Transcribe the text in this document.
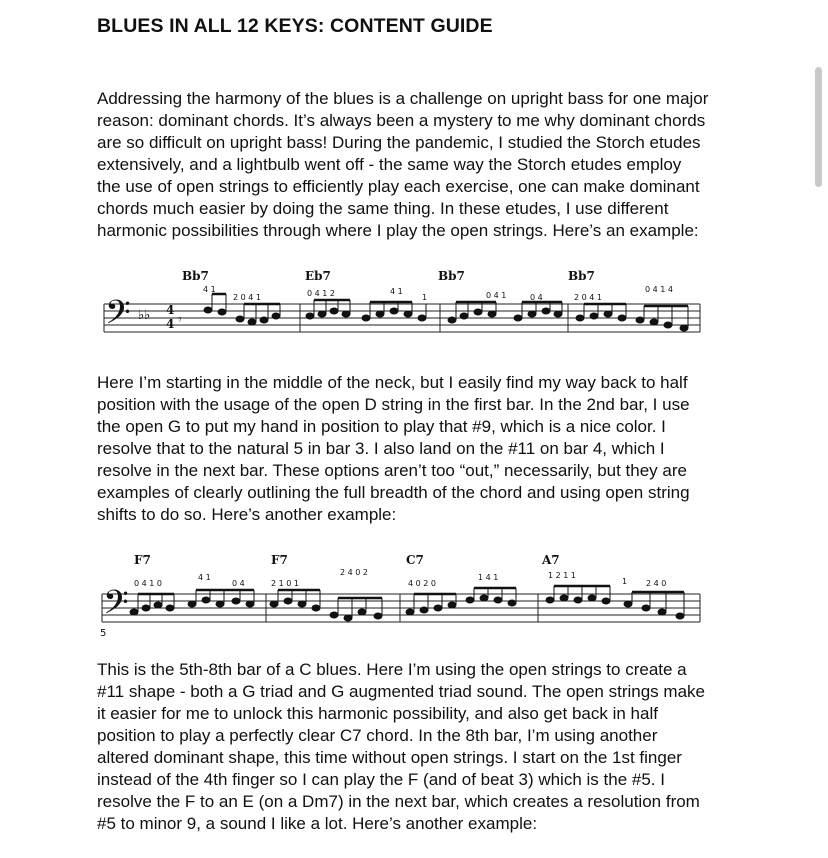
BLUES IN ALL 12 KEYS: CONTENT GUIDE

Addressing the harmony of the blues is a challenge on upright bass for one major
reason: dominant chords. It’s always been a mystery to me why dominant chords
are so difficult on upright bass! During the pandemic, I studied the Storch etudes
extensively, and a lightbulb went off - the same way the Storch etudes employ
the use of open strings to efficiently play each exercise, one can make dominant
chords much easier by doing the same thing. In these etudes, I use different
harmonic possibilities through where I play the open strings. Here’s an example:

𝄢 ♭♭ 4
4 𝄾
Bb7	Eb7	Bb7	Bb7
4 1
2 0 4 1	0 4 1 2	4 1
1	0 4 1	0 4	2 0 4 1
0 4 1 4

Here I’m starting in the middle of the neck, but I easily find my way back to half
position with the usage of the open D string in the first bar. In the 2nd bar, I use
the open G to put my hand in position to play that #9, which is a nice color. I
resolve that to the natural 5 in bar 3. I also land on the #11 on bar 4, which I
resolve in the next bar. These options aren’t too “out,” necessarily, but they are
examples of clearly outlining the full breadth of the chord and using open string
shifts to do so. Here’s another example:

𝄢
5
F7	F7	C7	A7
0 4 1 0
4 1
0 4	2 1 0 1
2 4 0 2
4 0 2 0
1 4 1	1 2 1 1
1 2 4 0

This is the 5th-8th bar of a C blues. Here I’m using the open strings to create a
#11 shape - both a G triad and G augmented triad sound. The open strings make
it easier for me to unlock this harmonic possibility, and also get back in half
position to play a perfectly clear C7 chord. In the 8th bar, I’m using another
altered dominant shape, this time without open strings. I start on the 1st finger
instead of the 4th finger so I can play the F (and of beat 3) which is the #5. I
resolve the F to an E (on a Dm7) in the next bar, which creates a resolution from
#5 to minor 9, a sound I like a lot. Here’s another example:
